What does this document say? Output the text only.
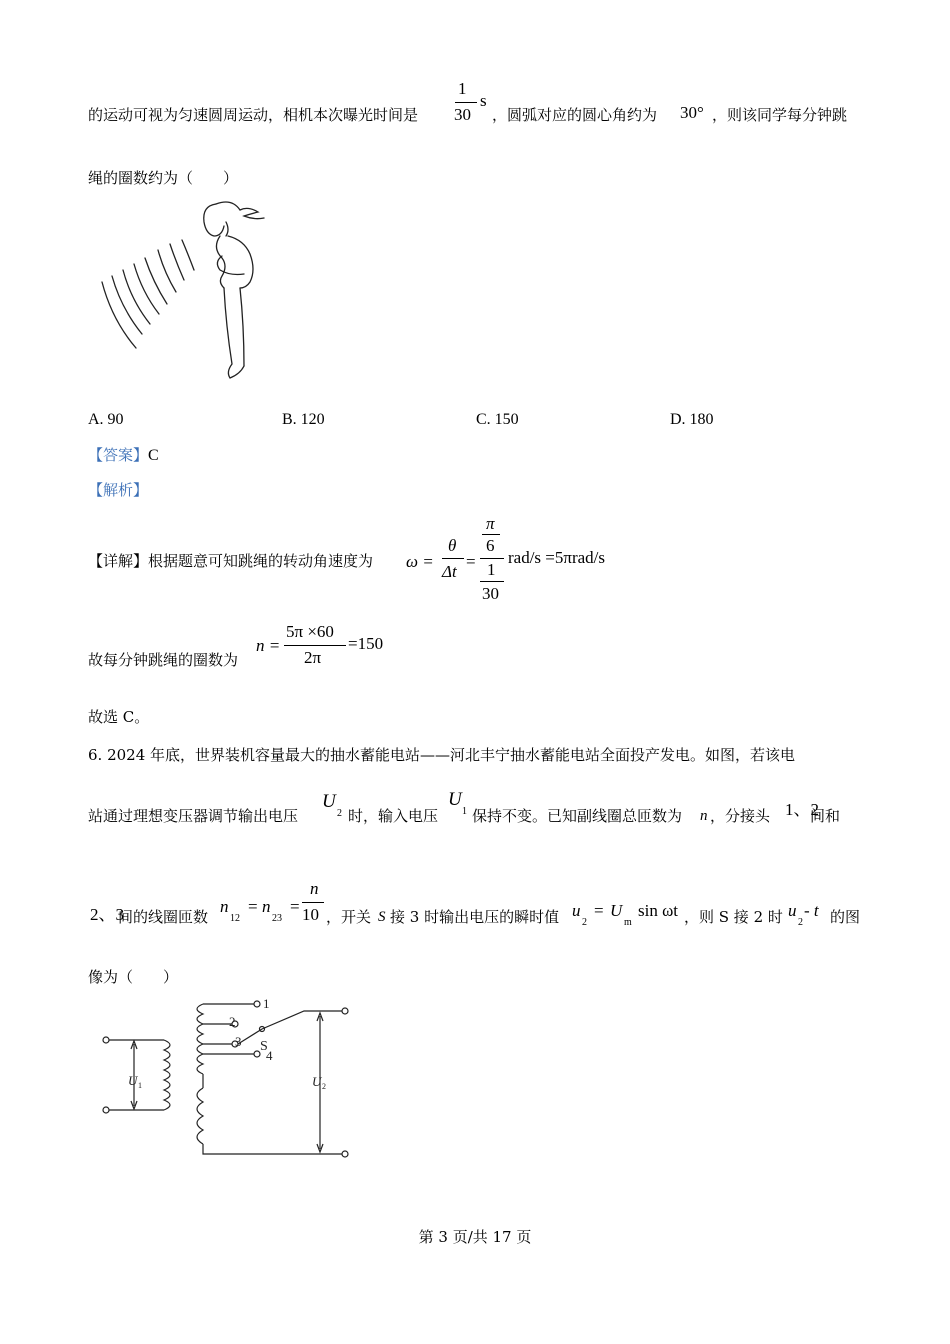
的运动可视为匀速圆周运动，相机本次曝光时间是
1
30
s
，圆弧对应的圆心角约为 30° ，则该同学每分钟跳
绳的圈数约为（　　）
A. 90	B. 120	C. 150	D. 180
【答案】C
【解析】
【详解】根据题意可知跳绳的转动角速度为 ω =
θ
Δt
=
π
6
1
30
rad/s =5πrad/s
故每分钟跳绳的圈数为
n =
5π ×60
2π
=150
故选 C。
6. 2024 年底，世界装机容量最大的抽水蓄能电站——河北丰宁抽水蓄能电站全面投产发电。如图，若该电
站通过理想变压器调节输出电压
U
2 时，输入电压
U
1 保持不变。已知副线圈总匝数为 n ，分接头 1、2
间和
2、3
间的线圈匝数
n
12
= n
23
=
n
10 ，开关 S 接 3 时输出电压的瞬时值 u
2
= U
m
sin ωt ，则 S 接 2 时 u
2
- t 的图
像为（　　）
U 1
1
2
3
4
S
U 2
第 3 页/共 17 页
